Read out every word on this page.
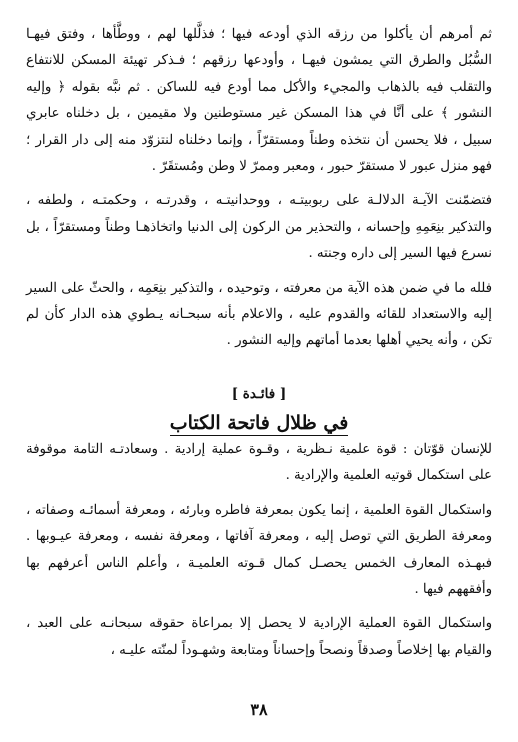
ثم أمرهم أن يأكلوا من رزقه الذي أودعه فيها ؛ فذلَّلها لهم ، ووطَّأها ، وفتق فيهـا السُّبُل والطرق التي يمشون فيهـا ، وأودعها رزقهم ؛ فـذكر تهيئة المسكن للانتفاع والتقلب فيه بالذهاب والمجيء والأكل مما أودع فيه للساكن . ثم نبَّه بقوله ﴿ وإليه النشور ﴾ على أنَّا في هذا المسكن غير مستوطنين ولا مقيمين ، بل دخلناه عابري سبيل ، فلا يحسن أن نتخذه وطناً ومستقرّاً ، وإنما دخلناه لنتزوّد منه إلى دار القرار ؛ فهو منزل عبور لا مستقرّ حبور ، ومعبر وممرّ لا وطن ومُستقَرّ .

فتضمّنت الآيـة الدلالـة على ربوبيتـه ، ووحدانيتـه ، وقدرتـه ، وحكمتـه ، ولطفه ، والتذكير بنِعَمِهِ وإحسانه ، والتحذير من الركون إلى الدنيا واتخاذهـا وطناً ومستقرّاً ، بل نسرع فيها السير إلى داره وجنته .

فلله ما في ضمن هذه الآية من معرفته ، وتوحيده ، والتذكير بنِعَمِه ، والحثّ على السير إليه والاستعداد للقائه والقدوم عليه ، والاعلام بأنه سبحـانه يـطوي هذه الدار كأن لم تكن ، وأنه يحيي أهلها بعدما أماتهم وإليه النشور .

[ فائـدة ]
في ظلال فاتحة الكتاب

للإنسان قوّتان : قوة علمية نـظرية ، وقـوة عملية إرادية . وسعادتـه التامة موقوفة على استكمال قوتيه العلمية والإرادية .

واستكمال القوة العلمية ، إنما يكون بمعرفة فاطره وبارئه ، ومعرفة أسمائـه وصفاته ، ومعرفة الطريق التي توصل إليه ، ومعرفة آفاتها ، ومعرفة نفسه ، ومعرفة عيـوبها . فبهـذه المعارف الخمس يحصـل كمال قـوته العلميـة ، وأعلم الناس أعرفهم بها وأفقههم فيها .

واستكمال القوة العملية الإرادية لا يحصل إلا بمراعاة حقوقه سبحانـه على العبد ، والقيام بها إخلاصاً وصدقاً ونصحاً وإحساناً ومتابعة وشهـوداً لمنّته عليـه ،

٣٨
